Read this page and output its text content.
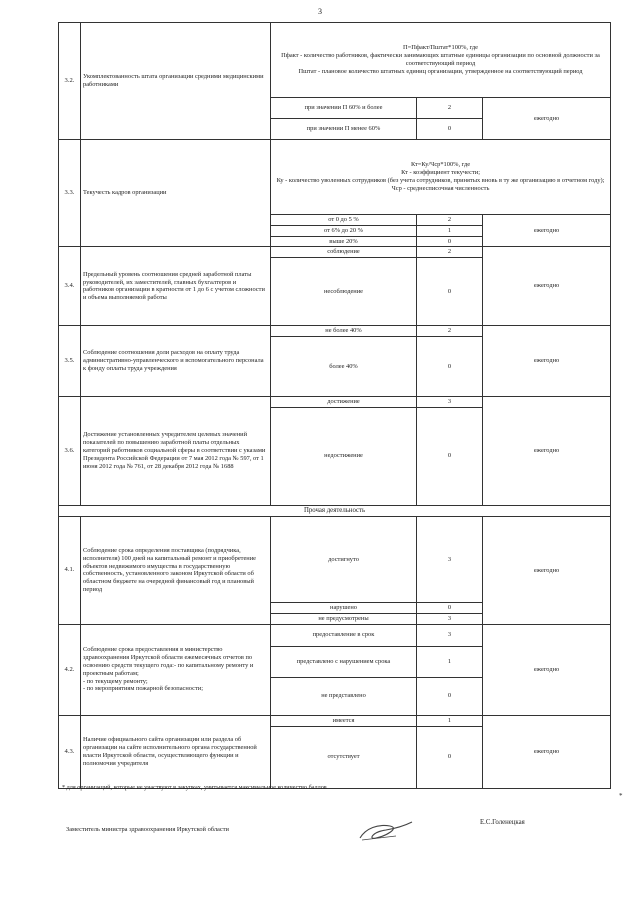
3
3.2.	Укомплектованность штата организации средними медицинскими работниками	П=Пфакт/Пштат*100%, где
Пфакт - количество работников, фактически занимающих штатные единицы организации по основной должности за соответствующий период
Пштат - плановое количество штатных единиц организации, утвержденное на соответствующий период		

		при значении П 60% и более	2	ежегодно
		при значении П менее 60%	0	
3.3.	Текучесть кадров организации	Кт=Ку/Чср*100%, где
Кт - коэффициент текучести;
Ку - количество уволенных сотрудников (без учета сотрудников, принятых вновь в ту же организацию в отчетном году);
Чср - среднесписочная численность		

		от 0 до 5 %	2	ежегодно
		от 6% до 20 %	1	
		выше 20%	0	
3.4.	Предельный уровень соотношения средней заработной платы руководителей, их заместителей, главных бухгалтеров и работников организации в кратности от 1 до 6 с учетом сложности и объема выполняемой работы	соблюдение	2	ежегодно
		несоблюдение	0	
3.5.	Соблюдение соотношения доли расходов на оплату труда административно-управленческого и вспомогательного персонала к фонду оплаты труда учреждения	не более 40%	2	ежегодно
		более 40%	0	
3.6.	Достижение установленных учредителем целевых значений показателей по повышению заработной платы отдельных категорий работников социальной сферы в соответствии с указами Президента Российской Федерации от 7 мая 2012 года № 597, от 1 июня 2012 года № 761, от 28 декабря 2012 года № 1688	достижение	3	ежегодно
		недостижение	0	
Прочая деятельность				
4.1.	Соблюдение срока определения поставщика (подрядчика, исполнителя) 100 дней на капитальный ремонт и приобретение объектов недвижимого имущества в государственную собственность, установленного законом Иркутской области об областном бюджете на очередной финансовый год и плановый период	достигнуто	3	ежегодно
		нарушено	0	
		не предусмотрены	3	
4.2.	Соблюдение срока предоставления в министерство здравоохранения Иркутской области ежемесячных отчетов по освоению средств текущего года:- по капитальному ремонту и проектным работам;
- по текущему ремонту;
- по мероприятиям пожарной безопасности;	предоставление в срок	3	ежегодно
		представлено с нарушением срока	1	
		не представлено	0	
4.3.	Наличие официального сайта организации или раздела об организации на сайте исполнительного органа государственной власти Иркутской области, осуществляющего функции и полномочия учредителя	имеется	1	ежегодно
		отсутствует	0	
* для организаций, которые не участвуют в закупках, учитывается максимальное количество баллов
*
Заместитель министра здравоохранения Иркутской области
Е.С.Голенецкая
